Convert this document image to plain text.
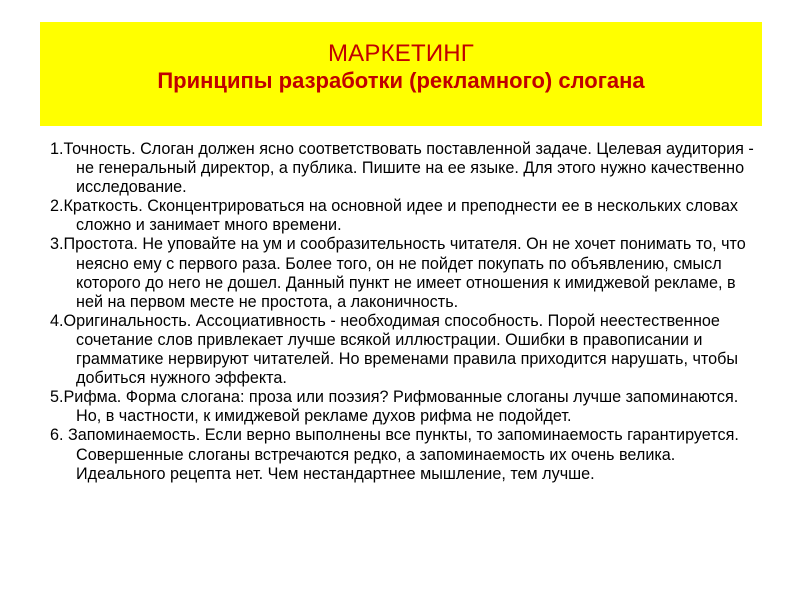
МАРКЕТИНГ
Принципы разработки (рекламного) слогана
1.Точность. Слоган должен ясно соответствовать поставленной задаче. Целевая аудитория - не генеральный директор, а публика. Пишите на ее языке. Для этого нужно качественно исследование.
2.Краткость. Сконцентрироваться на основной идее и преподнести ее в нескольких словах сложно и занимает много времени.
3.Простота. Не уповайте на ум и сообразительность читателя. Он не хочет понимать то, что неясно ему с первого раза. Более того, он не пойдет покупать по объявлению, смысл которого до него не дошел. Данный пункт не имеет отношения к имиджевой рекламе, в ней на первом месте не простота, а лаконичность.
4.Оригинальность. Ассоциативность - необходимая способность. Порой неестественное сочетание слов привлекает лучше всякой иллюстрации. Ошибки в правописании и грамматике нервируют читателей. Но временами правила приходится нарушать, чтобы добиться нужного эффекта.
5.Рифма. Форма слогана: проза или поэзия? Рифмованные слоганы лучше запоминаются. Но, в частности, к имиджевой рекламе духов рифма не подойдет.
6. Запоминаемость. Если верно выполнены все пункты, то запоминаемость гарантируется. Совершенные слоганы встречаются редко, а запоминаемость их очень велика. Идеального рецепта нет. Чем нестандартнее мышление, тем лучше.
